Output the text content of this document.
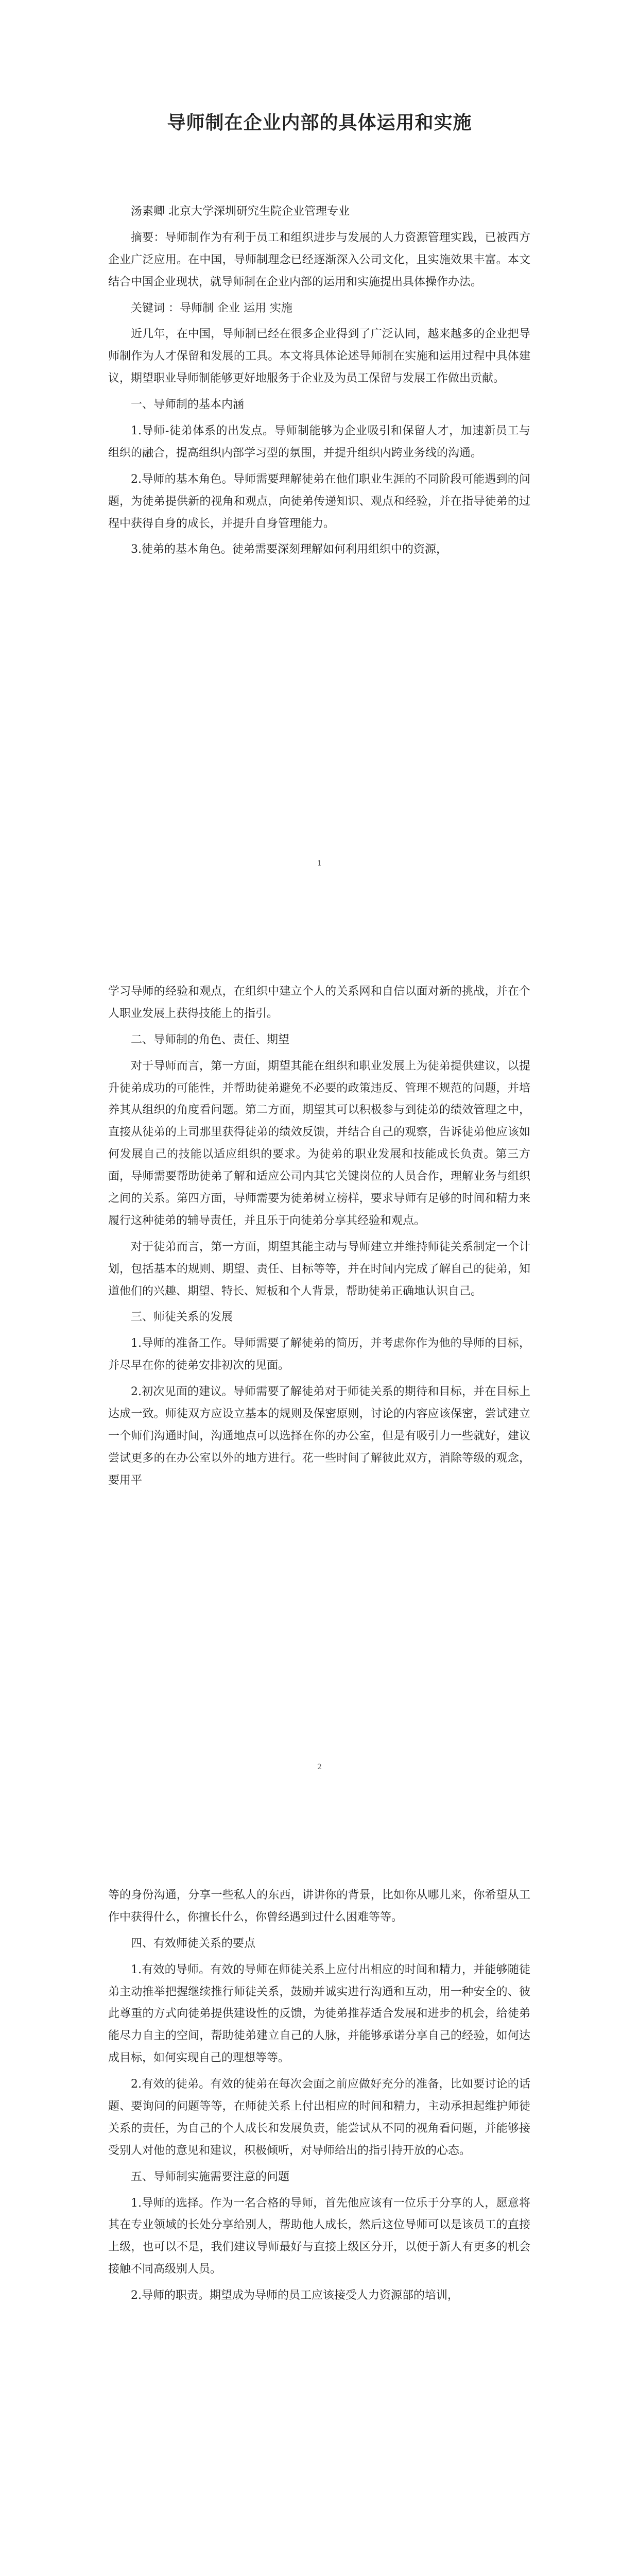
导师制在企业内部的具体运用和实施

汤素卿 北京大学深圳研究生院企业管理专业

摘要：导师制作为有利于员工和组织进步与发展的人力资源管理实践，已被西方企业广泛应用。在中国，导师制理念已经逐渐深入公司文化，且实施效果丰富。本文结合中国企业现状，就导师制在企业内部的运用和实施提出具体操作办法。

关键词 ：导师制 企业 运用 实施

近几年，在中国，导师制已经在很多企业得到了广泛认同，越来越多的企业把导师制作为人才保留和发展的工具。本文将具体论述导师制在实施和运用过程中具体建议，期望职业导师制能够更好地服务于企业及为员工保留与发展工作做出贡献。

一、导师制的基本内涵

1.导师-徒弟体系的出发点。导师制能够为企业吸引和保留人才，加速新员工与组织的融合，提高组织内部学习型的氛围，并提升组织内跨业务线的沟通。

2.导师的基本角色。导师需要理解徒弟在他们职业生涯的不同阶段可能遇到的问题，为徒弟提供新的视角和观点，向徒弟传递知识、观点和经验，并在指导徒弟的过程中获得自身的成长，并提升自身管理能力。

3.徒弟的基本角色。徒弟需要深刻理解如何利用组织中的资源，

1

学习导师的经验和观点，在组织中建立个人的关系网和自信以面对新的挑战，并在个人职业发展上获得技能上的指引。

二、导师制的角色、责任、期望

对于导师而言，第一方面，期望其能在组织和职业发展上为徒弟提供建议，以提升徒弟成功的可能性，并帮助徒弟避免不必要的政策违反、管理不规范的问题，并培养其从组织的角度看问题。第二方面，期望其可以积极参与到徒弟的绩效管理之中，直接从徒弟的上司那里获得徒弟的绩效反馈，并结合自己的观察，告诉徒弟他应该如何发展自己的技能以适应组织的要求。为徒弟的职业发展和技能成长负责。第三方面，导师需要帮助徒弟了解和适应公司内其它关键岗位的人员合作，理解业务与组织之间的关系。第四方面，导师需要为徒弟树立榜样，要求导师有足够的时间和精力来履行这种徒弟的辅导责任，并且乐于向徒弟分享其经验和观点。

对于徒弟而言，第一方面，期望其能主动与导师建立并维持师徒关系制定一个计划，包括基本的规则、期望、责任、目标等等，并在时间内完成了解自己的徒弟，知道他们的兴趣、期望、特长、短板和个人背景，帮助徒弟正确地认识自己。

三、师徒关系的发展

1.导师的准备工作。导师需要了解徒弟的简历，并考虑你作为他的导师的目标，并尽早在你的徒弟安排初次的见面。

2.初次见面的建议。导师需要了解徒弟对于师徒关系的期待和目标，并在目标上达成一致。师徒双方应设立基本的规则及保密原则，讨论的内容应该保密，尝试建立一个师们沟通时间，沟通地点可以选择在你的办公室，但是有吸引力一些就好，建议尝试更多的在办公室以外的地方进行。花一些时间了解彼此双方，消除等级的观念，要用平

2

等的身份沟通，分享一些私人的东西，讲讲你的背景，比如你从哪儿来，你希望从工作中获得什么，你擅长什么，你曾经遇到过什么困难等等。

四、有效师徒关系的要点

1.有效的导师。有效的导师在师徒关系上应付出相应的时间和精力，并能够随徒弟主动推举把握继续推行师徒关系，鼓励并诚实进行沟通和互动，用一种安全的、彼此尊重的方式向徒弟提供建设性的反馈，为徒弟推荐适合发展和进步的机会，给徒弟能尽力自主的空间，帮助徒弟建立自己的人脉，并能够承诺分享自己的经验，如何达成目标，如何实现自己的理想等等。

2.有效的徒弟。有效的徒弟在每次会面之前应做好充分的准备，比如要讨论的话题、要询问的问题等等，在师徒关系上付出相应的时间和精力，主动承担起维护师徒关系的责任，为自己的个人成长和发展负责，能尝试从不同的视角看问题，并能够接受别人对他的意见和建议，积极倾听，对导师给出的指引持开放的心态。

五、导师制实施需要注意的问题

1.导师的选择。作为一名合格的导师，首先他应该有一位乐于分享的人，愿意将其在专业领域的长处分享给别人，帮助他人成长，然后这位导师可以是该员工的直接上级，也可以不是，我们建议导师最好与直接上级区分开，以便于新人有更多的机会接触不同高级别人员。

2.导师的职责。期望成为导师的员工应该接受人力资源部的培训，
